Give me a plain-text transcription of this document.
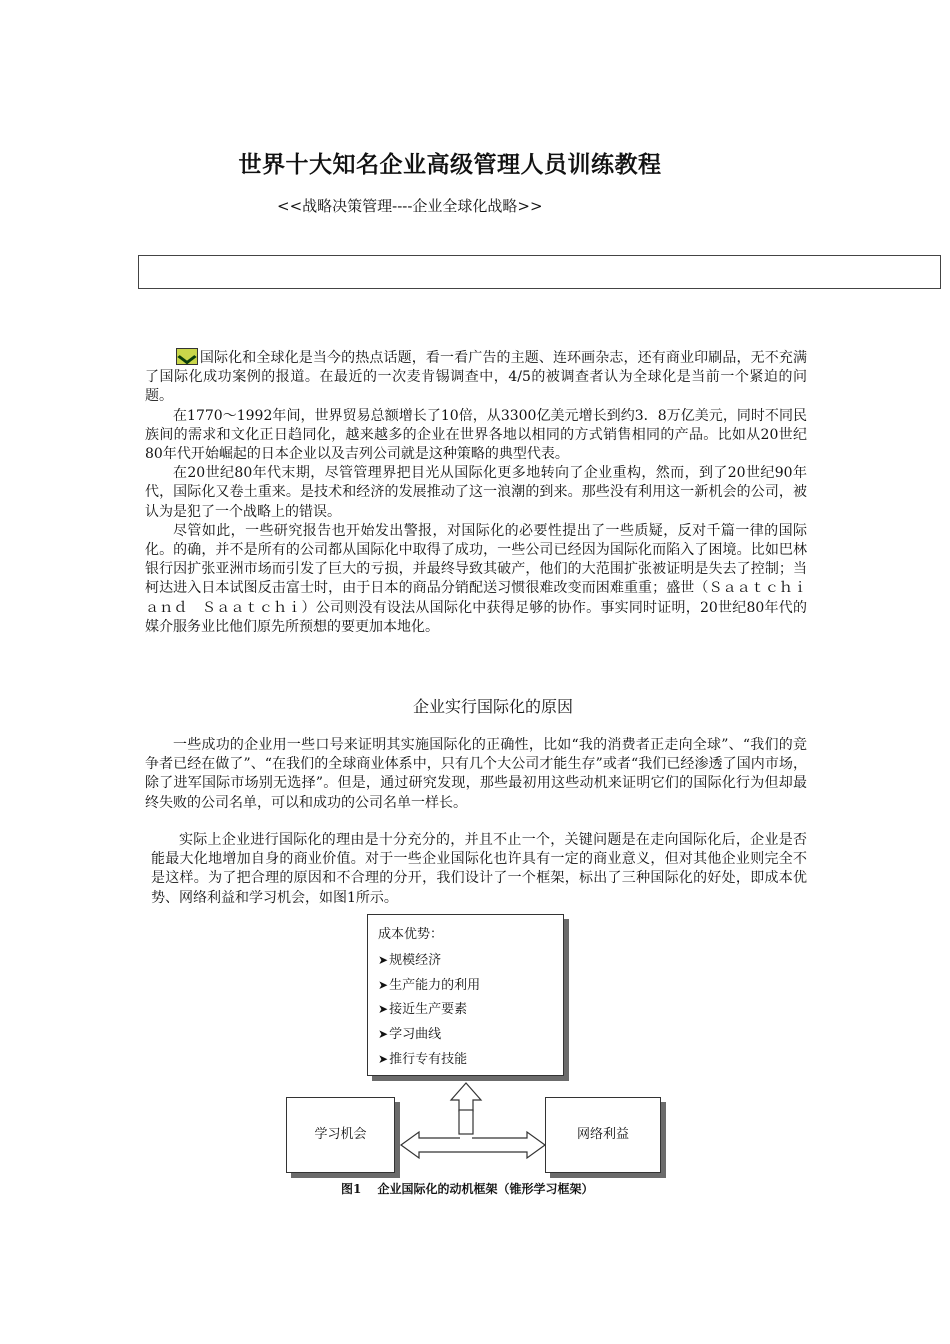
世界十大知名企业高级管理人员训练教程
<<战略决策管理----企业全球化战略>>

国际化和全球化是当今的热点话题，看一看广告的主题、连环画杂志，还有商业印刷品，无不充满了国际化成功案例的报道。在最近的一次麦肯锡调查中，4/5的被调查者认为全球化是当前一个紧迫的问题。

在1770～1992年间，世界贸易总额增长了10倍，从3300亿美元增长到约3．8万亿美元，同时不同民族间的需求和文化正日趋同化，越来越多的企业在世界各地以相同的方式销售相同的产品。比如从20世纪80年代开始崛起的日本企业以及吉列公司就是这种策略的典型代表。

在20世纪80年代末期，尽管管理界把目光从国际化更多地转向了企业重构，然而，到了20世纪90年代，国际化又卷土重来。是技术和经济的发展推动了这一浪潮的到来。那些没有利用这一新机会的公司，被认为是犯了一个战略上的错误。

尽管如此，一些研究报告也开始发出警报，对国际化的必要性提出了一些质疑，反对千篇一律的国际化。的确，并不是所有的公司都从国际化中取得了成功，一些公司已经因为国际化而陷入了困境。比如巴林银行因扩张亚洲市场而引发了巨大的亏损，并最终导致其破产，他们的大范围扩张被证明是失去了控制；当柯达进入日本试图反击富士时，由于日本的商品分销配送习惯很难改变而困难重重；盛世（Ｓａａｔｃｈｉ　ａｎｄ　Ｓａａｔｃｈｉ）公司则没有设法从国际化中获得足够的协作。事实同时证明，20世纪80年代的媒介服务业比他们原先所预想的要更加本地化。

企业实行国际化的原因

一些成功的企业用一些口号来证明其实施国际化的正确性，比如“我的消费者正走向全球”、“我们的竞争者已经在做了”、“在我们的全球商业体系中，只有几个大公司才能生存”或者“我们已经渗透了国内市场，除了进军国际市场别无选择”。但是，通过研究发现，那些最初用这些动机来证明它们的国际化行为但却最终失败的公司名单，可以和成功的公司名单一样长。

实际上企业进行国际化的理由是十分充分的，并且不止一个，关键问题是在走向国际化后，企业是否能最大化地增加自身的商业价值。对于一些企业国际化也许具有一定的商业意义，但对其他企业则完全不是这样。为了把合理的原因和不合理的分开，我们设计了一个框架，标出了三种国际化的好处，即成本优势、网络利益和学习机会，如图1所示。

成本优势：
➤规模经济
➤生产能力的利用
➤接近生产要素
➤学习曲线
➤推行专有技能
学习机会	网络利益
图1　 企业国际化的动机框架（锥形学习框架）
